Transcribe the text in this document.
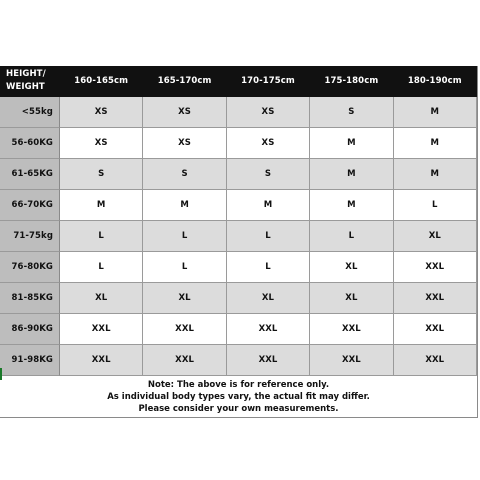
HEIGHT/
WEIGHT
160-165cm	165-170cm	170-175cm	175-180cm	180-190cm
<55kg	XS	XS	XS	S	M
56-60KG	XS	XS	XS	M	M
61-65KG	S	S	S	M	M
66-70KG	M	M	M	M	L
71-75kg	L	L	L	L	XL
76-80KG	L	L	L	XL	XXL
81-85KG	XL	XL	XL	XL	XXL
86-90KG	XXL	XXL	XXL	XXL	XXL
91-98KG	XXL	XXL	XXL	XXL	XXL
Note: The above is for reference only.
As individual body types vary, the actual fit may differ.
Please consider your own measurements.
